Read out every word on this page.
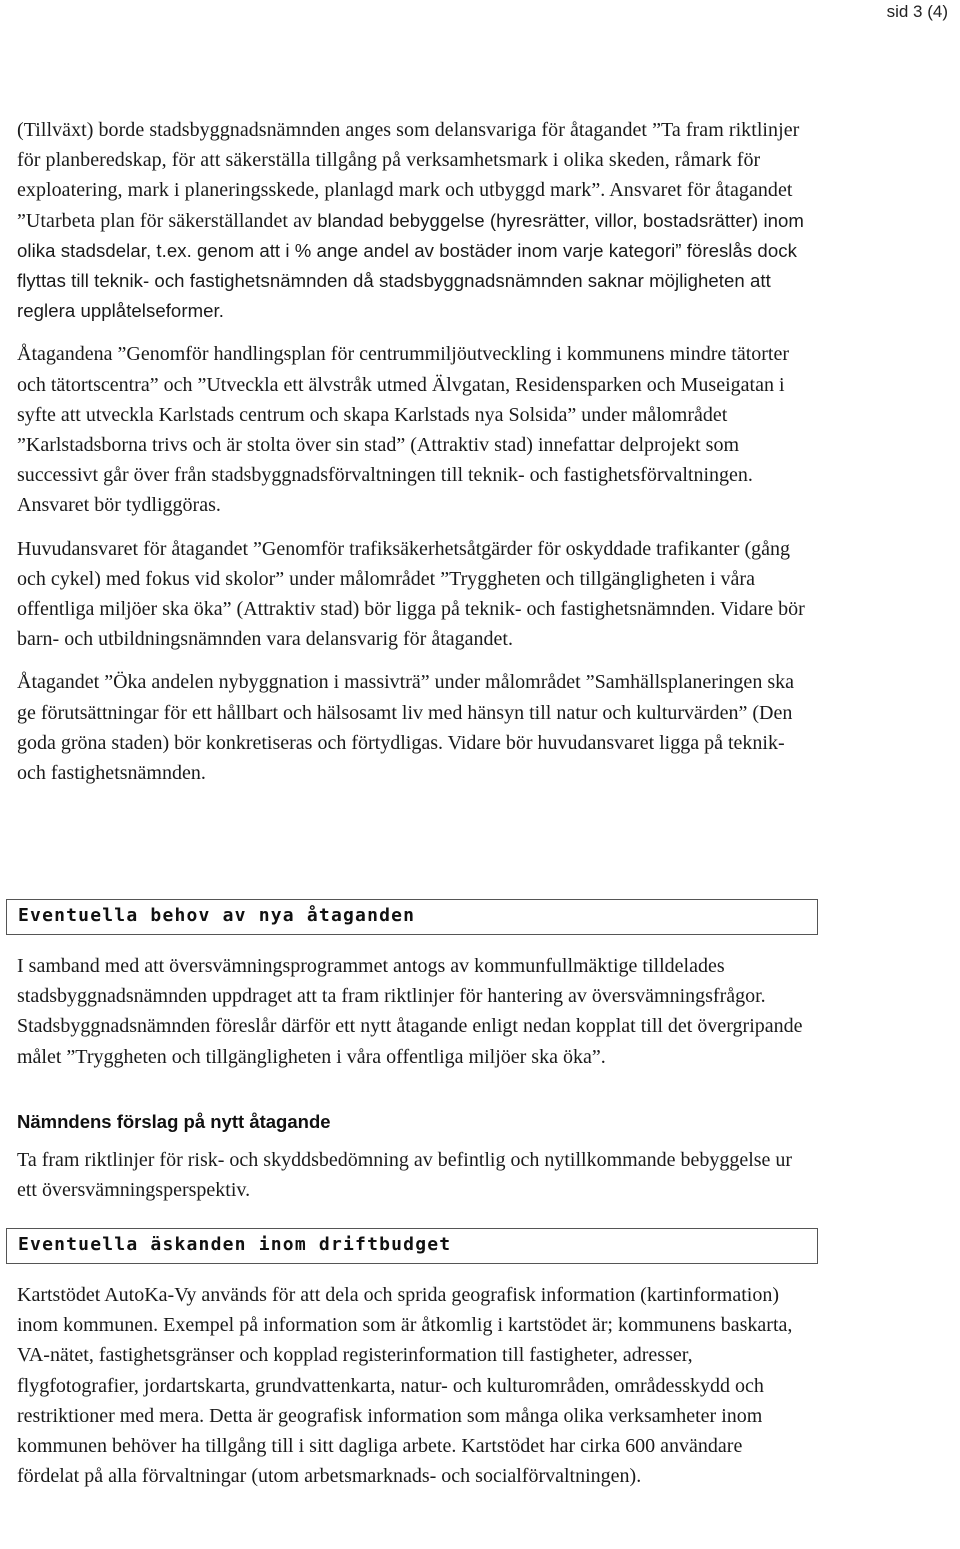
sid 3 (4)

(Tillväxt) borde stadsbyggnadsnämnden anges som delansvariga för åtagandet ”Ta fram riktlinjer för planberedskap, för att säkerställa tillgång på verksamhetsmark i olika skeden, råmark för exploatering, mark i planeringsskede, planlagd mark och utbyggd mark”. Ansvaret för åtagandet ”Utarbeta plan för säkerställandet av blandad bebyggelse (hyresrätter, villor, bostadsrätter) inom olika stadsdelar, t.ex. genom att i % ange andel av bostäder inom varje kategori” föreslås dock flyttas till teknik- och fastighetsnämnden då stadsbyggnadsnämnden saknar möjligheten att reglera upplåtelseformer.

Åtagandena ”Genomför handlingsplan för centrummiljöutveckling i kommunens mindre tätorter och tätortscentra” och ”Utveckla ett älvstråk utmed Älvgatan, Residensparken och Museigatan i syfte att utveckla Karlstads centrum och skapa Karlstads nya Solsida” under målområdet ”Karlstadsborna trivs och är stolta över sin stad” (Attraktiv stad) innefattar delprojekt som successivt går över från stadsbyggnadsförvaltningen till teknik- och fastighetsförvaltningen. Ansvaret bör tydliggöras.

Huvudansvaret för åtagandet ”Genomför trafiksäkerhetsåtgärder för oskyddade trafikanter (gång och cykel) med fokus vid skolor” under målområdet ”Tryggheten och tillgängligheten i våra offentliga miljöer ska öka” (Attraktiv stad) bör ligga på teknik- och fastighetsnämnden. Vidare bör barn- och utbildningsnämnden vara delansvarig för åtagandet.

Åtagandet ”Öka andelen nybyggnation i massivträ” under målområdet ”Samhällsplaneringen ska ge förutsättningar för ett hållbart och hälsosamt liv med hänsyn till natur och kulturvärden” (Den goda gröna staden) bör konkretiseras och förtydligas. Vidare bör huvudansvaret ligga på teknik- och fastighetsnämnden.

Eventuella behov av nya åtaganden

I samband med att översvämningsprogrammet antogs av kommunfullmäktige tilldelades stadsbyggnadsnämnden uppdraget att ta fram riktlinjer för hantering av översvämningsfrågor. Stadsbyggnadsnämnden föreslår därför ett nytt åtagande enligt nedan kopplat till det övergripande målet ”Tryggheten och tillgängligheten i våra offentliga miljöer ska öka”.

Nämndens förslag på nytt åtagande

Ta fram riktlinjer för risk- och skyddsbedömning av befintlig och nytillkommande bebyggelse ur ett översvämningsperspektiv.

Eventuella äskanden inom driftbudget

Kartstödet AutoKa-Vy används för att dela och sprida geografisk information (kartinformation) inom kommunen. Exempel på information som är åtkomlig i kartstödet är; kommunens baskarta, VA-nätet, fastighetsgränser och kopplad registerinformation till fastigheter, adresser, flygfotografier, jordartskarta, grundvattenkarta, natur- och kulturområden, områdesskydd och restriktioner med mera. Detta är geografisk information som många olika verksamheter inom kommunen behöver ha tillgång till i sitt dagliga arbete. Kartstödet har cirka 600 användare fördelat på alla förvaltningar (utom arbetsmarknads- och socialförvaltningen).
